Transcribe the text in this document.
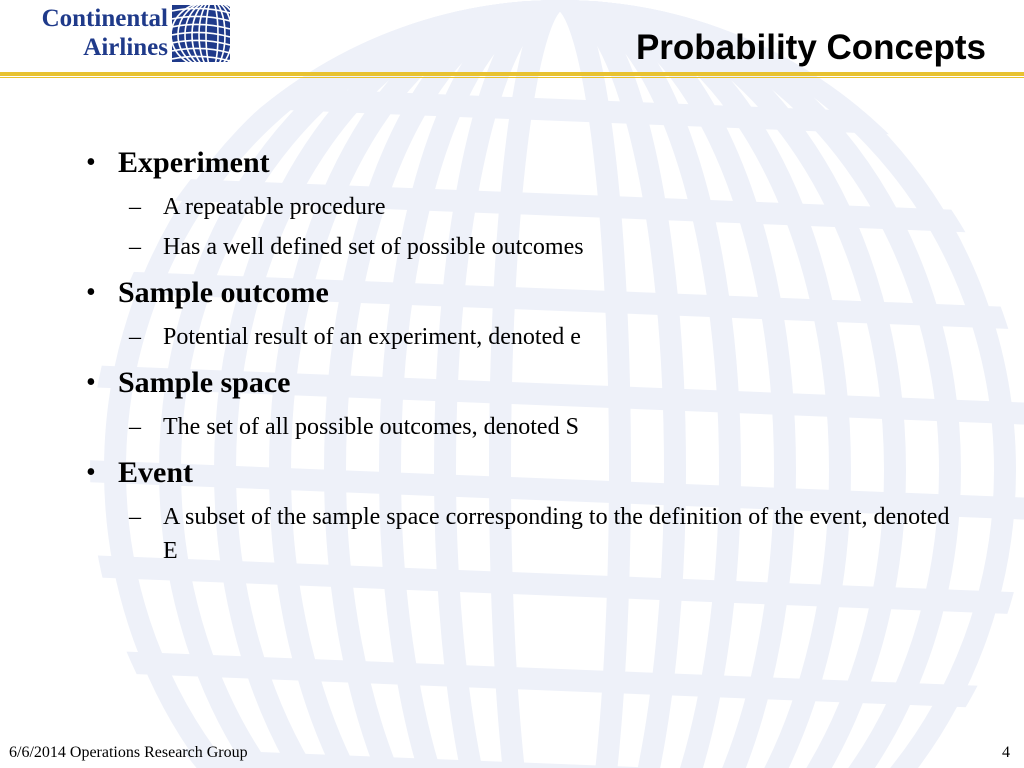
Continental
Airlines	Probability Concepts
• Experiment
– A repeatable procedure
– Has a well defined set of possible outcomes
• Sample outcome
– Potential result of an experiment, denoted e
• Sample space
– The set of all possible outcomes, denoted S
• Event
– A subset of the sample space corresponding to the definition of the event, denoted E
6/6/2014 Operations Research Group	4
